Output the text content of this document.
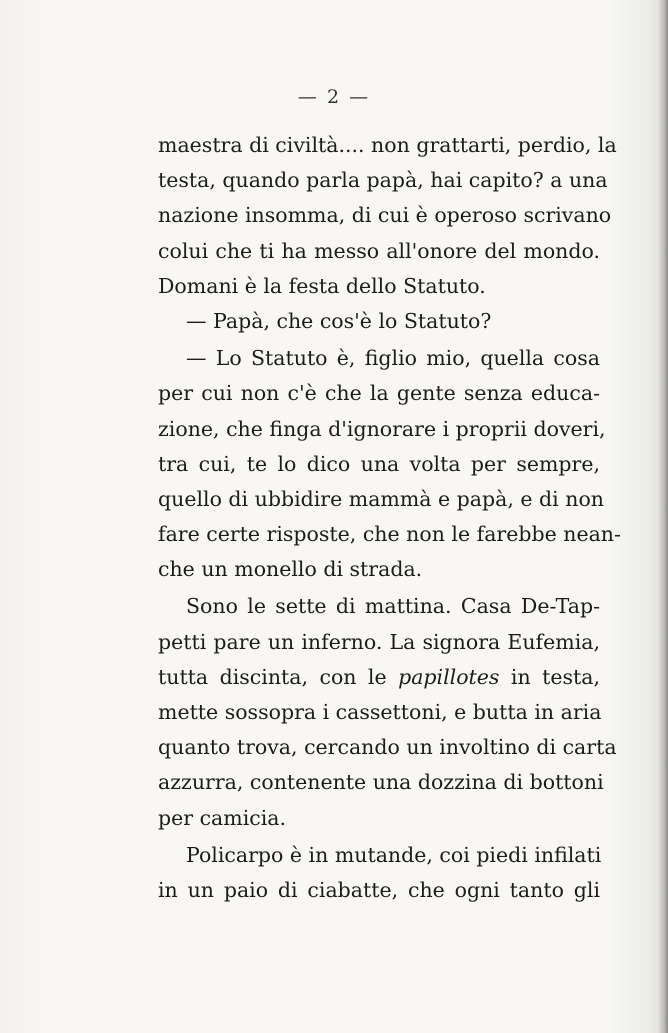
— 2 —
maestra di civiltà.... non grattarti, perdio, la
testa, quando parla papà, hai capito? a una
nazione insomma, di cui è operoso scrivano
colui che ti ha messo all'onore del mondo.
Domani è la festa dello Statuto.
— Papà, che cos'è lo Statuto?
— Lo Statuto è, figlio mio, quella cosa
per cui non c'è che la gente senza educa-
zione, che finga d'ignorare i proprii doveri,
tra cui, te lo dico una volta per sempre,
quello di ubbidire mammà e papà, e di non
fare certe risposte, che non le farebbe nean-
che un monello di strada.
Sono le sette di mattina. Casa De-Tap-
petti pare un inferno. La signora Eufemia,
tutta discinta, con le papillotes in testa,
mette sossopra i cassettoni, e butta in aria
quanto trova, cercando un involtino di carta
azzurra, contenente una dozzina di bottoni
per camicia.
Policarpo è in mutande, coi piedi infilati
in un paio di ciabatte, che ogni tanto gli
